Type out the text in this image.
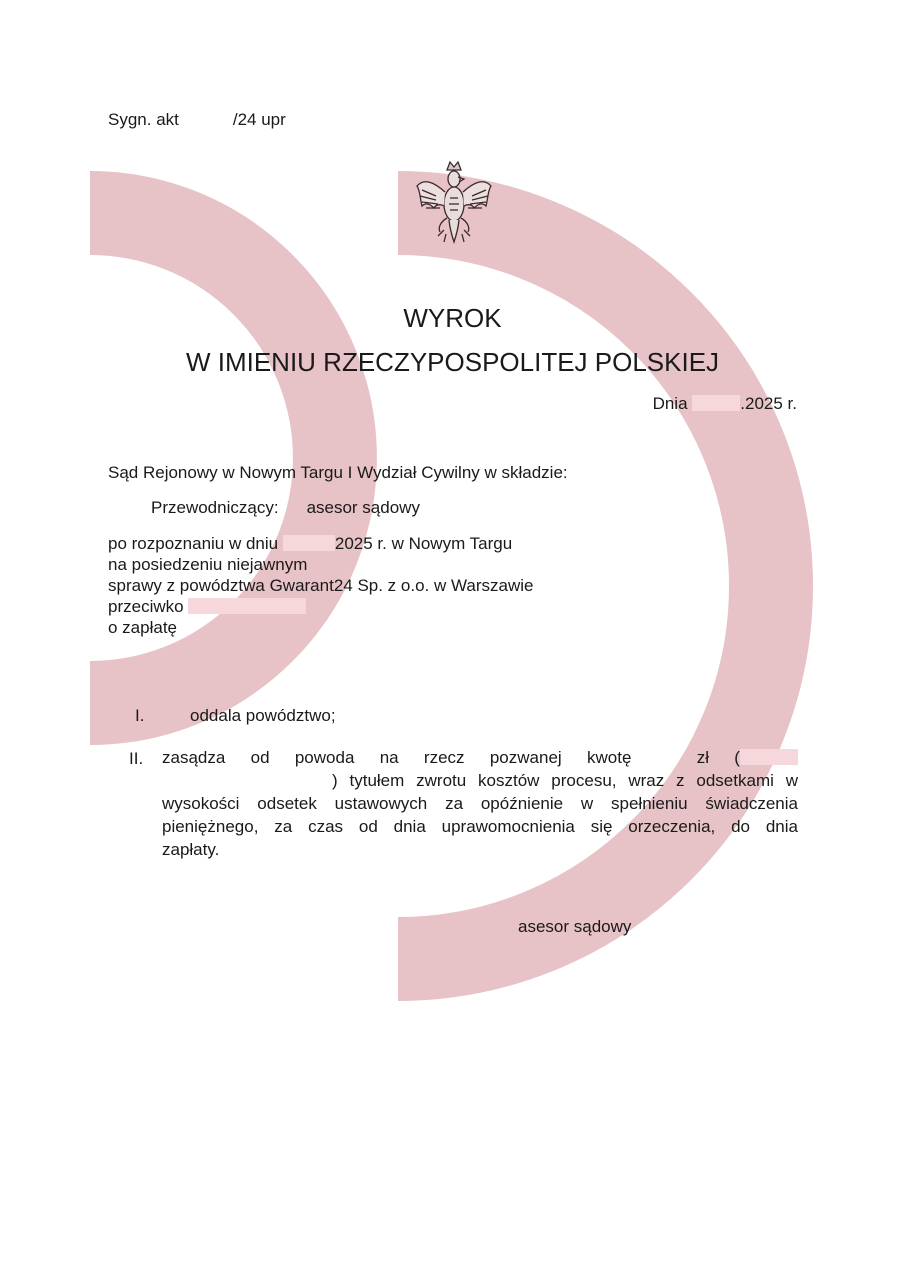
Sygn. akt	/24 upr
WYROK
W IMIENIU RZECZYPOSPOLITEJ POLSKIEJ
Dnia	.2025 r.
Sąd Rejonowy w Nowym Targu I Wydział Cywilny w składzie:
Przewodniczący: asesor sądowy
po rozpoznaniu w dniu	2025 r. w Nowym Targu
na posiedzeniu niejawnym
sprawy z powództwa Gwarant24 Sp. z o.o. w Warszawie
przeciwko
o zapłatę
I.	oddala powództwo;
II. zasądza od powoda na rzecz pozwanej kwotę	zł (
) tytułem zwrotu kosztów procesu, wraz z odsetkami w
wysokości odsetek ustawowych za opóźnienie w spełnieniu świadczenia
pieniężnego, za czas od dnia uprawomocnienia się orzeczenia, do dnia
zapłaty.
asesor sądowy
